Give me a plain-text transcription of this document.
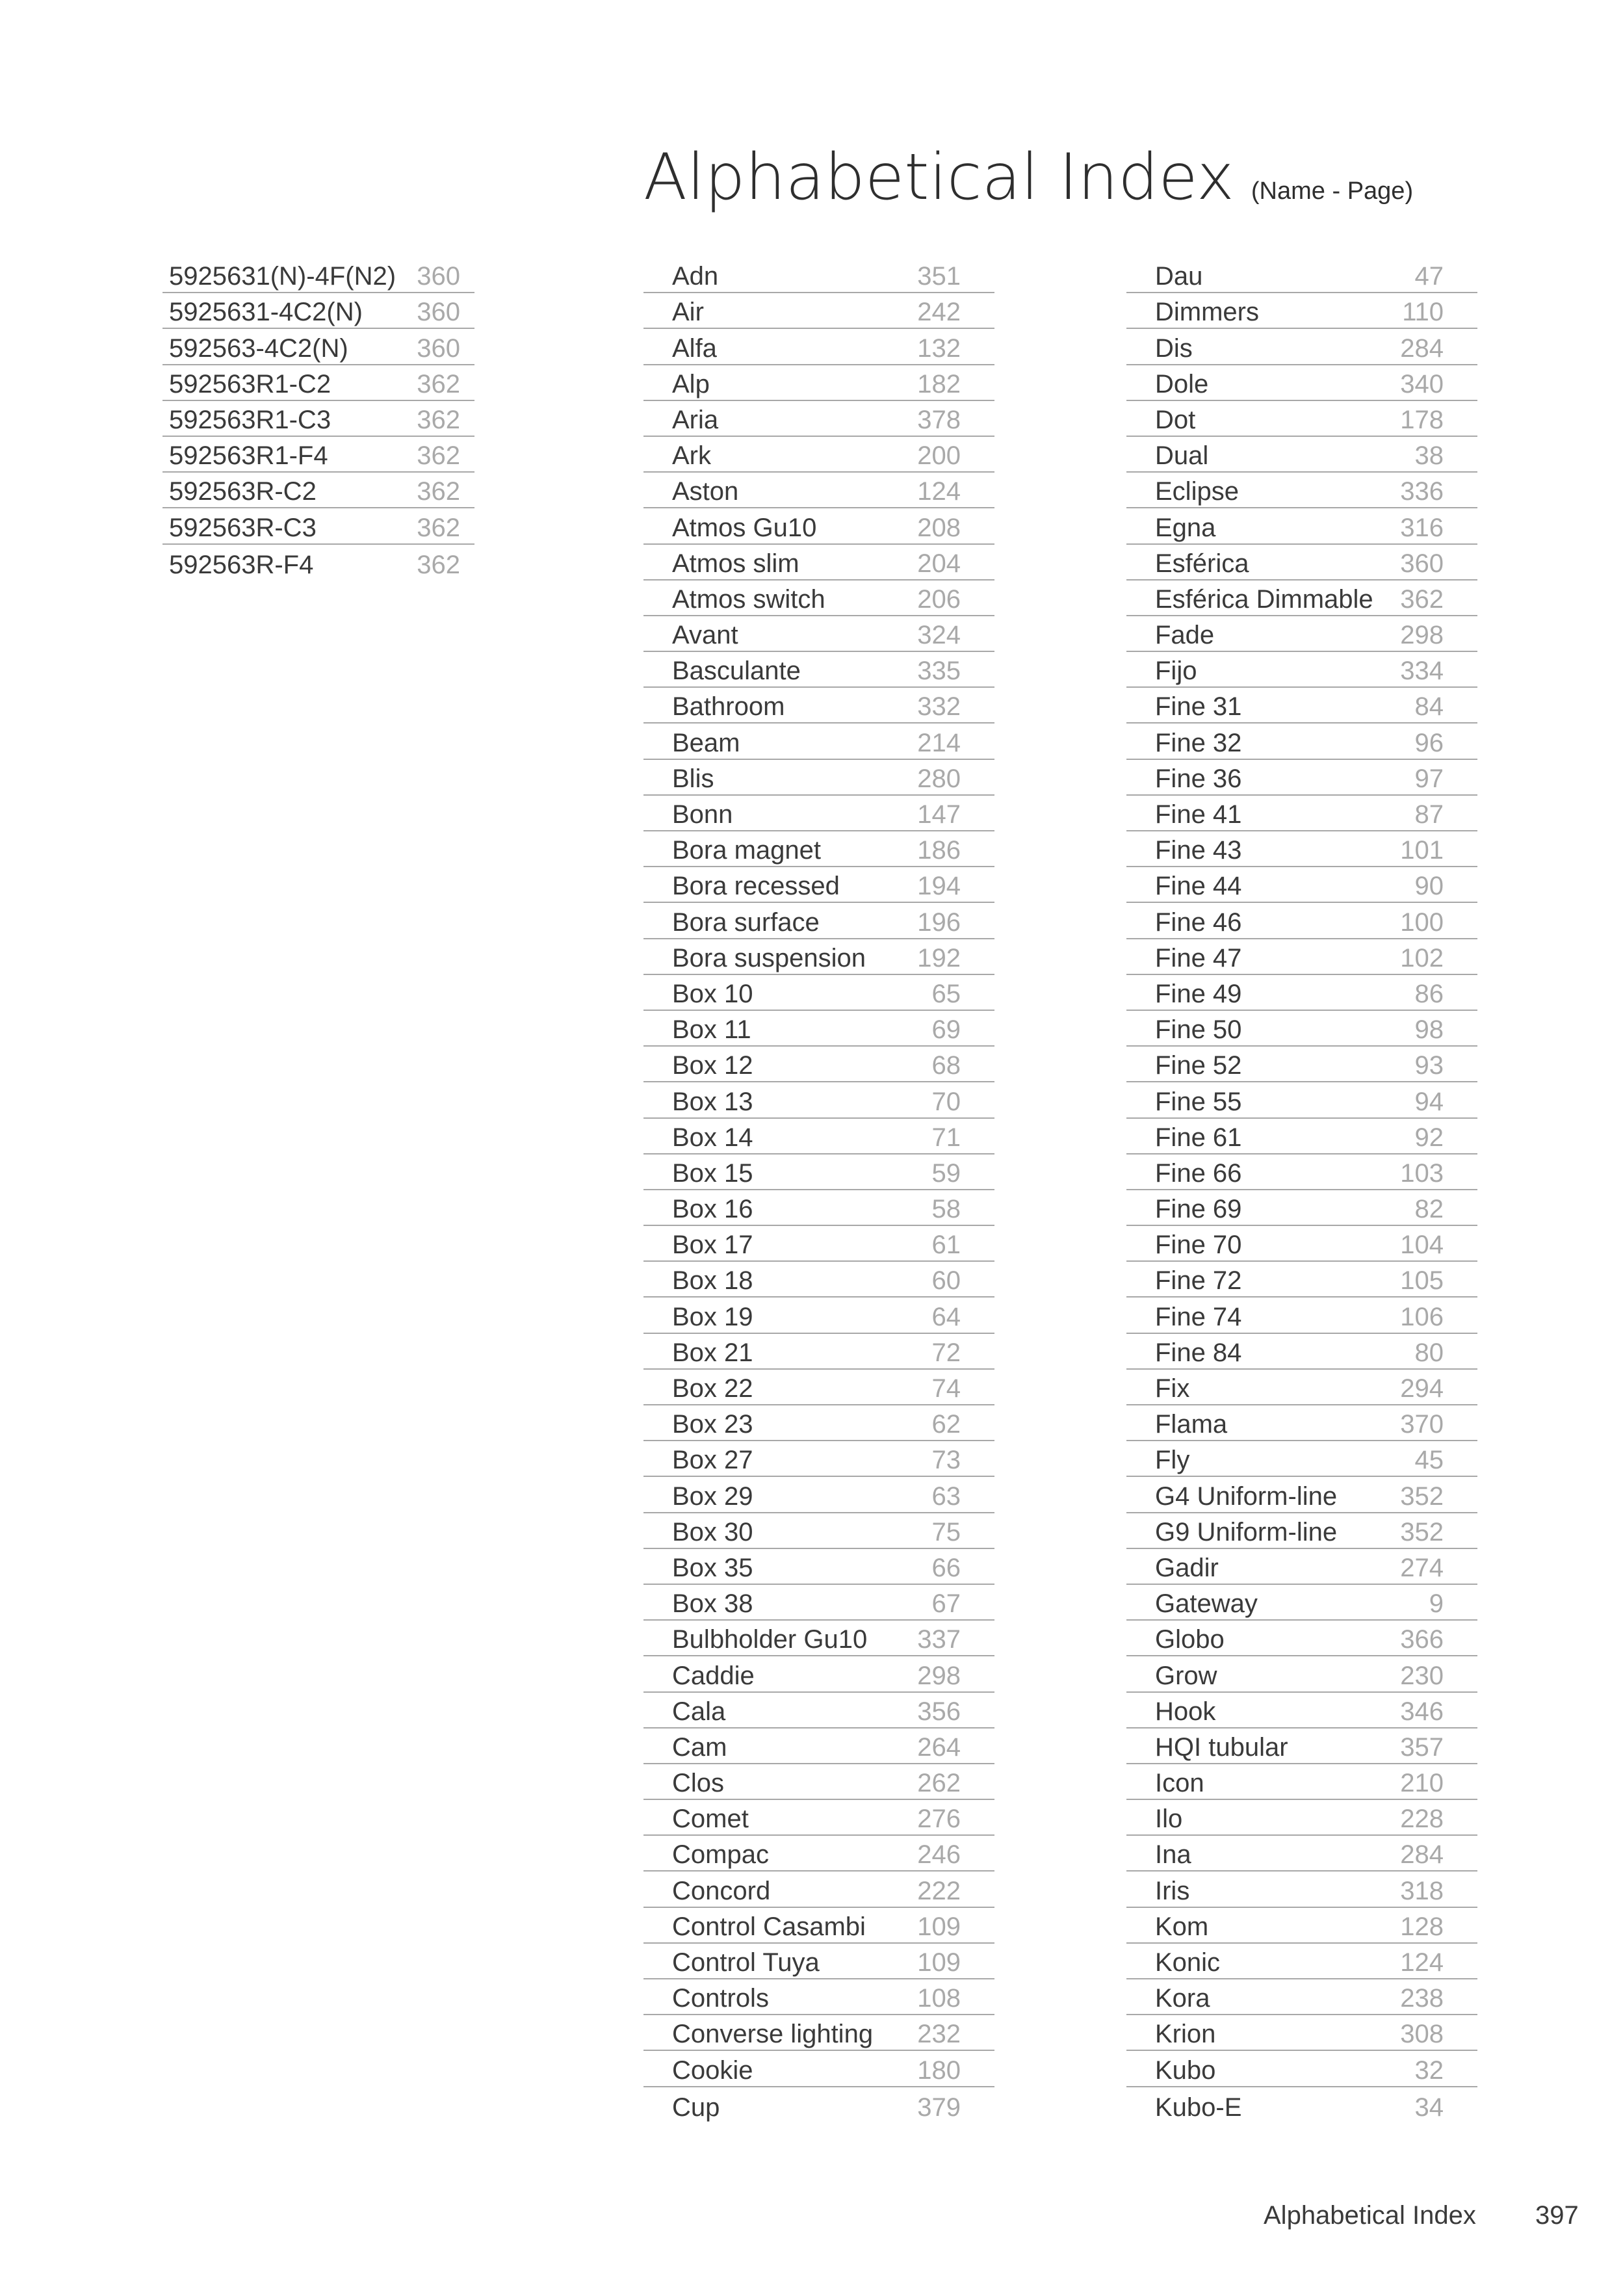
Alphabetical Index (Name - Page)
5925631(N)-4F(N2) 360
5925631-4C2(N) 360
592563-4C2(N)	360
592563R1-C2	362
592563R1-C3	362
592563R1-F4	362
592563R-C2	362
592563R-C3	362
592563R-F4	362
Adn	351
Air	242
Alfa	132
Alp	182
Aria	378
Ark	200
Aston	124
Atmos Gu10	208
Atmos slim	204
Atmos switch	206
Avant	324
Basculante	335
Bathroom	332
Beam	214
Blis	280
Bonn	147
Bora magnet	186
Bora recessed	194
Bora surface	196
Bora suspension 192
Box 10	65
Box 11	69
Box 12	68
Box 13	70
Box 14	71
Box 15	59
Box 16	58
Box 17	61
Box 18	60
Box 19	64
Box 21	72
Box 22	74
Box 23	62
Box 27	73
Box 29	63
Box 30	75
Box 35	66
Box 38	67
Bulbholder Gu10 337
Caddie	298
Cala	356
Cam	264
Clos	262
Comet	276
Compac	246
Concord	222
Control Casambi 109
Control Tuya	109
Controls	108
Converse lighting 232
Cookie	180
Cup	379
Dau	47
Dimmers	110
Dis	284
Dole	340
Dot	178
Dual	38
Eclipse	336
Egna	316
Esférica	360
Esférica Dimmable 362
Fade	298
Fijo	334
Fine 31	84
Fine 32	96
Fine 36	97
Fine 41	87
Fine 43	101
Fine 44	90
Fine 46	100
Fine 47	102
Fine 49	86
Fine 50	98
Fine 52	93
Fine 55	94
Fine 61	92
Fine 66	103
Fine 69	82
Fine 70	104
Fine 72	105
Fine 74	106
Fine 84	80
Fix	294
Flama	370
Fly	45
G4 Uniform-line 352
G9 Uniform-line 352
Gadir	274
Gateway	9
Globo	366
Grow	230
Hook	346
HQI tubular	357
Icon	210
Ilo	228
Ina	284
Iris	318
Kom	128
Konic	124
Kora	238
Krion	308
Kubo	32
Kubo-E	34
Alphabetical Index 397
